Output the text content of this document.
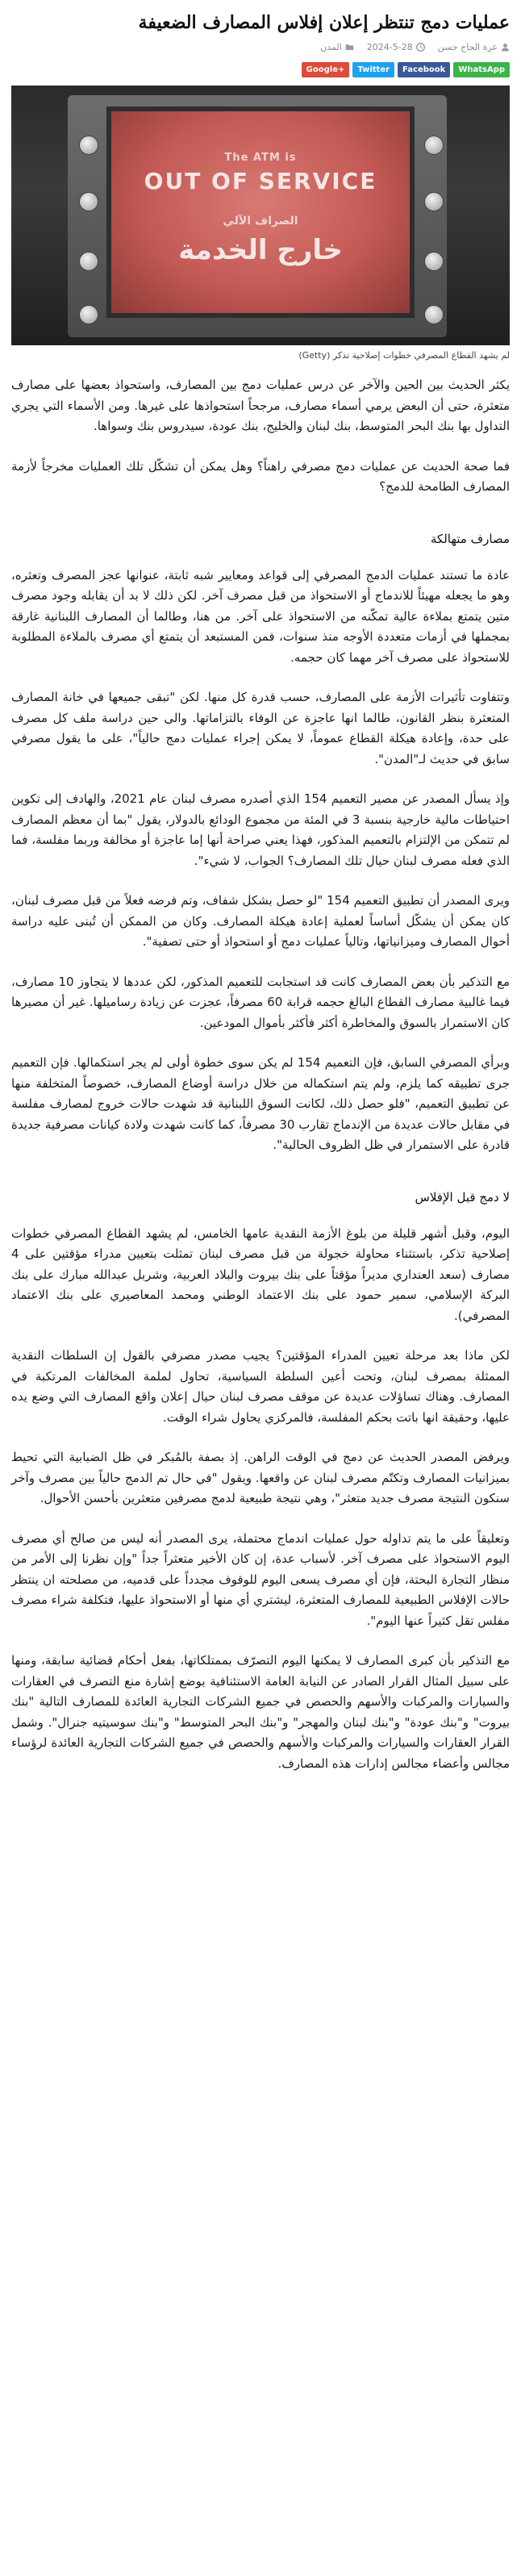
عمليات دمج تنتظر إعلان إفلاس المصارف الضعيفة
عزة الحاج حسن
2024-5-28
المدن
WhatsApp
Facebook
Twitter
+Google
The ATM is
OUT OF SERVICE
الصراف الآلي
خارج الخدمة
لم يشهد القطاع المصرفي خطوات إصلاحية تذكر (Getty)

يكثر الحديث بين الحين والآخر عن درس عمليات دمج بين المصارف، واستحواذ بعضها على مصارف متعثرة، حتى أن البعض يرمي أسماء مصارف، مرجحاً استحواذها على غيرها. ومن الأسماء التي يجري التداول بها بنك البحر المتوسط، بنك لبنان والخليج، بنك عودة، سيدروس بنك وسواها.

فما صحة الحديث عن عمليات دمج مصرفي راهناً؟ وهل يمكن أن تشكّل تلك العمليات مخرجاً لأزمة المصارف الطامحة للدمج؟

مصارف متهالكة

عادة ما تستند عمليات الدمج المصرفي إلى قواعد ومعايير شبه ثابتة، عنوانها عجز المصرف وتعثره، وهو ما يجعله مهيئاً للاندماج أو الاستحواذ من قبل مصرف آخر. لكن ذلك لا بد أن يقابله وجود مصرف متين يتمتع بملاءة عالية تمكّنه من الاستحواذ على آخر. من هنا، وطالما أن المصارف اللبنانية غارقة بمجملها في أزمات متعددة الأوجه منذ سنوات، فمن المستبعد أن يتمتع أي مصرف بالملاءة المطلوبة للاستحواذ على مصرف آخر مهما كان حجمه.

وتتفاوت تأثيرات الأزمة على المصارف، حسب قدرة كل منها. لكن "تبقى جميعها في خانة المصارف المتعثرة بنظر القانون، طالما انها عاجزة عن الوفاء بالتزاماتها. والى حين دراسة ملف كل مصرف على حدة، وإعادة هيكلة القطاع عموماً، لا يمكن إجراء عمليات دمج حالياً"، على ما يقول مصرفي سابق في حديث لـ"المدن".

وإذ يسأل المصدر عن مصير التعميم 154 الذي أصدره مصرف لبنان عام 2021، والهادف إلى تكوين احتياطات مالية خارجية بنسبة 3 في المئة من مجموع الودائع بالدولار، يقول "بما أن معظم المصارف لم تتمكن من الإلتزام بالتعميم المذكور، فهذا يعني صراحة أنها إما عاجزة أو مخالفة وربما مفلسة، فما الذي فعله مصرف لبنان حيال تلك المصارف؟ الجواب، لا شيء".

ويرى المصدر أن تطبيق التعميم 154 "لو حصل بشكل شفاف، وتم فرضه فعلاً من قبل مصرف لبنان، كان يمكن أن يشكّل أساساً لعملية إعادة هيكلة المصارف. وكان من الممكن أن تُبنى عليه دراسة أحوال المصارف وميزانياتها، وتالياً عمليات دمج أو استحواذ أو حتى تصفية".

مع التذكير بأن بعض المصارف كانت قد استجابت للتعميم المذكور، لكن عددها لا يتجاوز 10 مصارف، فيما غالبية مصارف القطاع البالغ حجمه قرابة 60 مصرفاً، عجزت عن زيادة رساميلها. غير أن مصيرها كان الاستمرار بالسوق والمخاطرة أكثر فأكثر بأموال المودعين.

وبرأي المصرفي السابق، فإن التعميم 154 لم يكن سوى خطوة أولى لم يجر استكمالها. فإن التعميم جرى تطبيقه كما يلزم، ولم يتم استكماله من خلال دراسة أوضاع المصارف، خصوصاً المتخلفة منها عن تطبيق التعميم، "فلو حصل ذلك، لكانت السوق اللبنانية قد شهدت حالات خروج لمصارف مفلسة في مقابل حالات عديدة من الإندماج تقارب 30 مصرفاً، كما كانت شهدت ولادة كيانات مصرفية جديدة قادرة على الاستمرار في ظل الظروف الحالية".

لا دمج قبل الإفلاس

اليوم، وقبل أشهر قليلة من بلوغ الأزمة النقدية عامها الخامس، لم يشهد القطاع المصرفي خطوات إصلاحية تذكر، باستثناء محاولة خجولة من قبل مصرف لبنان تمثلت بتعيين مدراء مؤقتين على 4 مصارف (سعد العنداري مديراً مؤقتاً على بنك بيروت والبلاد العربية، وشربل عبدالله مبارك على بنك البركة الإسلامي، سمير حمود على بنك الاعتماد الوطني ومحمد المعاصيري على بنك الاعتماد المصرفي).

لكن ماذا بعد مرحلة تعيين المدراء المؤقتين؟ يجيب مصدر مصرفي بالقول إن السلطات النقدية الممثلة بمصرف لبنان، وتحت أعين السلطة السياسية، تحاول لملمة المخالفات المرتكبة في المصارف. وهناك تساؤلات عديدة عن موقف مصرف لبنان حيال إعلان واقع المصارف التي وضع يده عليها، وحقيقة انها باتت بحكم المفلسة، فالمركزي يحاول شراء الوقت.

ويرفض المصدر الحديث عن دمج في الوقت الراهن. إذ بصفة بالمُبكر في ظل الضبابية التي تحيط بميزانيات المصارف وتكتّم مصرف لبنان عن واقعها. ويقول "في حال تم الدمج حالياً بين مصرف وآخر سنكون النتيجة مصرف جديد متعثر"، وهي نتيجة طبيعية لدمج مصرفين متعثرين بأحسن الأحوال.

وتعليقاً على ما يتم تداوله حول عمليات اندماج محتملة، يرى المصدر أنه ليس من صالح أي مصرف اليوم الاستحواذ على مصرف آخر. لأسباب عدة، إن كان الأخير متعثراً جداً "وإن نظرنا إلى الأمر من منظار التجارة البحتة، فإن أي مصرف يسعى اليوم للوقوف مجدداً على قدميه، من مصلحته ان ينتظر حالات الإفلاس الطبيعية للمصارف المتعثرة، ليشتري أي منها أو الاستحواذ عليها، فتكلفة شراء مصرف مفلس تقل كثيراً عنها اليوم".

مع التذكير بأن كبرى المصارف لا يمكنها اليوم التصرّف بممتلكاتها، بفعل أحكام قضائية سابقة، ومنها على سبيل المثال القرار الصادر عن النيابة العامة الاستئنافية بوضع إشارة منع التصرف في العقارات والسيارات والمركبات والأسهم والحصص في جميع الشركات التجارية العائدة للمصارف التالية "بنك بيروت" و"بنك عودة" و"بنك لبنان والمهجر" و"بنك البحر المتوسط" و"بنك سوسيتيه جنرال". وشمل القرار العقارات والسيارات والمركبات والأسهم والحصص في جميع الشركات التجارية العائدة لرؤساء مجالس وأعضاء مجالس إدارات هذه المصارف.
